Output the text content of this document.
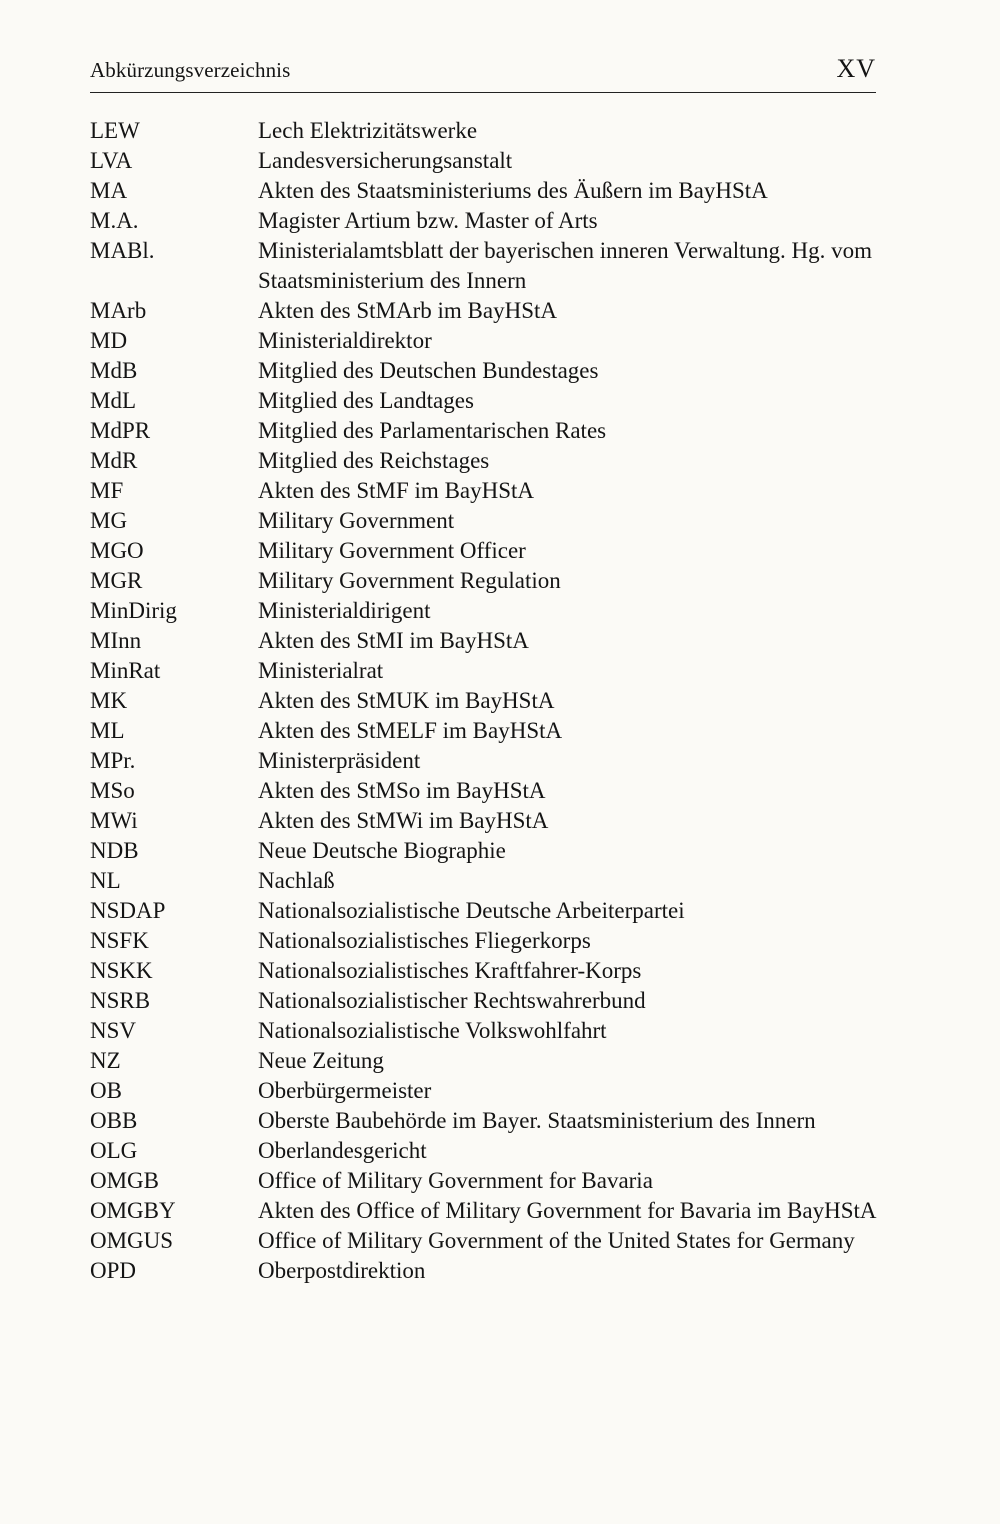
Abkürzungsverzeichnis	XV
LEW	Lech Elektrizitätswerke
LVA	Landesversicherungsanstalt
MA	Akten des Staatsministeriums des Äußern im BayHStA
M.A.	Magister Artium bzw. Master of Arts
MABl.	Ministerialamtsblatt der bayerischen inneren Verwaltung. Hg. vom Staatsministerium des Innern
MArb	Akten des StMArb im BayHStA
MD	Ministerialdirektor
MdB	Mitglied des Deutschen Bundestages
MdL	Mitglied des Landtages
MdPR	Mitglied des Parlamentarischen Rates
MdR	Mitglied des Reichstages
MF	Akten des StMF im BayHStA
MG	Military Government
MGO	Military Government Officer
MGR	Military Government Regulation
MinDirig	Ministerialdirigent
MInn	Akten des StMI im BayHStA
MinRat	Ministerialrat
MK	Akten des StMUK im BayHStA
ML	Akten des StMELF im BayHStA
MPr.	Ministerpräsident
MSo	Akten des StMSo im BayHStA
MWi	Akten des StMWi im BayHStA
NDB	Neue Deutsche Biographie
NL	Nachlaß
NSDAP	Nationalsozialistische Deutsche Arbeiterpartei
NSFK	Nationalsozialistisches Fliegerkorps
NSKK	Nationalsozialistisches Kraftfahrer-Korps
NSRB	Nationalsozialistischer Rechtswahrerbund
NSV	Nationalsozialistische Volkswohlfahrt
NZ	Neue Zeitung
OB	Oberbürgermeister
OBB	Oberste Baubehörde im Bayer. Staatsministerium des Innern
OLG	Oberlandesgericht
OMGB	Office of Military Government for Bavaria
OMGBY	Akten des Office of Military Government for Bavaria im BayHStA
OMGUS	Office of Military Government of the United States for Germany
OPD	Oberpostdirektion
